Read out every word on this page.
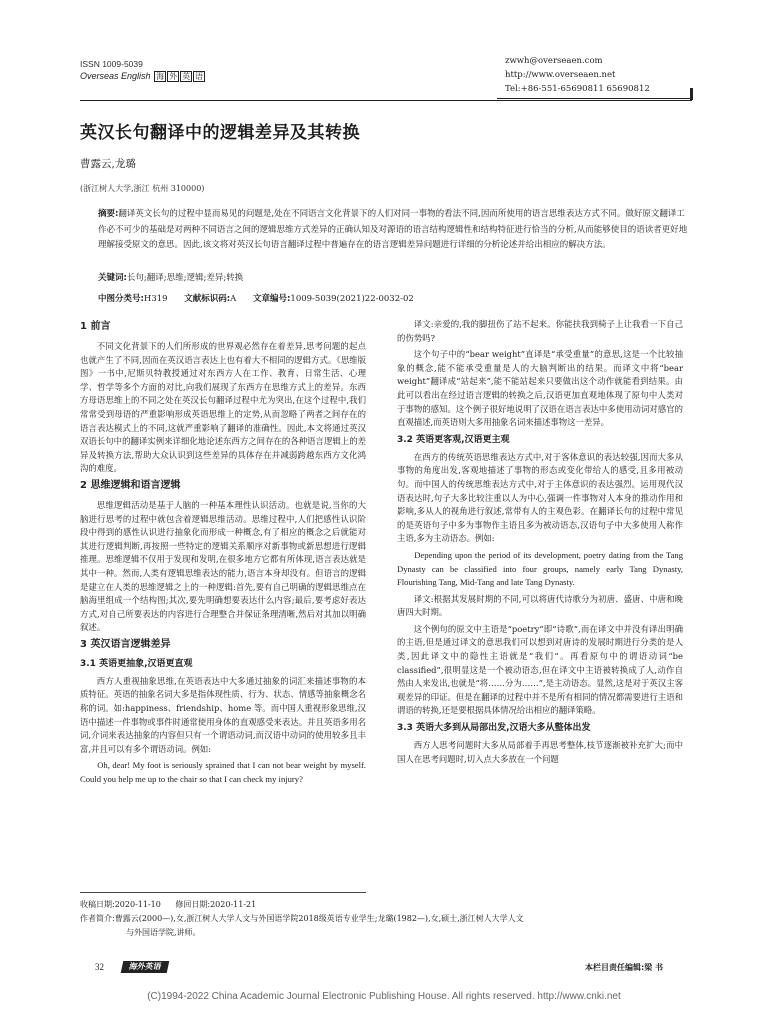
ISSN 1009-5039
Overseas English 海 外 英 语
zwwh@overseaen.com
http://www.overseaen.net
Tel:+86-551-65690811 65690812
英汉长句翻译中的逻辑差异及其转换
曹露云,龙璐
(浙江树人大学,浙江 杭州 310000)
摘要:翻译英文长句的过程中显而易见的问题是,处在不同语言文化背景下的人们对同一事物的看法不同,因而所使用的语言思维表达方式不同。做好原文翻译工作必不可少的基础是对两种不同语言之间的逻辑思维方式差异的正确认知及对源语的语言结构逻辑性和结构特征进行恰当的分析,从而能够使目的语读者更好地理解接受原文的意思。因此,该文将对英汉长句语言翻译过程中普遍存在的语言逻辑差异问题进行详细的分析论述并给出相应的解决方法。
关键词:长句;翻译;思维;逻辑;差异;转换
中图分类号:H319 文献标识码:A 文章编号:1009-5039(2021)22-0032-02
1 前言

不同文化背景下的人们所形成的世界观必然存在着差异,思考问题的起点也就产生了不同,因而在英汉语言表达上也有着大不相同的逻辑方式。《思维版图》一书中,尼斯贝特教授通过对东西方人在工作、教育、日常生活、心理学、哲学等多个方面的对比,向我们展现了东西方在思维方式上的差异。东西方母语思维上的不同之处在英汉长句翻译过程中尤为突出,在这个过程中,我们常常受到母语的严重影响形成英语思维上的定势,从而忽略了两者之间存在的语言表达模式上的不同,这就严重影响了翻译的准确性。因此,本文将通过英汉双语长句中的翻译实例来详细化地论述东西方之间存在的各种语言逻辑上的差异及转换方法,帮助大众认识到这些差异的具体存在并减弱跨越东西方文化鸿沟的难度。

2 思维逻辑和语言逻辑

思维逻辑活动是基于人脑的一种基本理性认识活动。也就是说,当你的大脑进行思考的过程中就包含着逻辑思维活动。思维过程中,人们把感性认识阶段中得到的感性认识进行抽象化而形成一种概念,有了相应的概念之后就能对其进行逻辑判断,再按照一些特定的逻辑关系顺序对新事物或新思想进行逻辑推理。思维逻辑不仅用于发现和发明,在很多地方它都有所体现,语言表达就是其中一种。然而,人类有逻辑思维表达的能力,语言本身却没有。但语言的逻辑是建立在人类的思维逻辑之上的一种逻辑:首先,要有自己明确的逻辑思维点在脑海里组成一个结构图;其次,要先明确想要表达什么内容;最后,要考虑好表达方式,对自己所要表达的内容进行合理整合并保证条理清晰,然后对其加以明确叙述。

3 英汉语言逻辑差异
3.1 英语更抽象,汉语更直观

西方人重视抽象思维,在英语表达中大多通过抽象的词汇来描述事物的本质特征。英语的抽象名词大多是指体现性质、行为、状态、情感等抽象概念名称的词。如:happiness、friendship、home 等。而中国人重视形象思维,汉语中描述一件事物或事件时通常使用身体的直观感受来表达。并且英语多用名词,介词来表达抽象的内容但只有一个谓语动词,而汉语中动词的使用较多且丰富,并且可以有多个谓语动词。例如:

Oh, dear! My foot is seriously sprained that I can not bear weight by myself. Could you help me up to the chair so that I can check my injury?

译文:亲爱的,我的脚扭伤了站不起来。你能扶我到椅子上让我看一下自己的伤势吗?

这个句子中的“bear weight”直译是“承受重量”的意思,这是一个比较抽象的概念,能不能承受重量是人的大脑判断出的结果。而译文中将“bear weight”翻译成“站起来”,能不能站起来只要做出这个动作就能看到结果。由此可以看出在经过语言逻辑的转换之后,汉语更加直观地体现了原句中人类对于事物的感知。这个例子很好地说明了汉语在语言表达中多使用动词对感官的直观描述,而英语则大多用抽象名词来描述事物这一差异。

3.2 英语更客观,汉语更主观

在西方的传统英语思维表达方式中,对于客体意识的表达较强,因而大多从事物的角度出发,客观地描述了事物的形态或变化带给人的感受,且多用被动句。而中国人的传统思维表达方式中,对于主体意识的表达强烈。运用现代汉语表达时,句子大多比较注重以人为中心,强调一件事物对人本身的推动作用和影响,多从人的视角进行叙述,常带有人的主观色彩。在翻译长句的过程中常见的是英语句子中多为事物作主语且多为被动语态,汉语句子中大多使用人称作主语,多为主动语态。例如:

Depending upon the period of its development, poetry dating from the Tang Dynasty can be classified into four groups, namely early Tang Dynasty, Flourishing Tang, Mid-Tang and late Tang Dynasty.

译文:根据其发展时期的不同,可以将唐代诗歌分为初唐、盛唐、中唐和晚唐四大时期。

这个例句的原文中主语是“poetry”即“诗歌”,而在译文中并没有译出明确的主语,但是通过译文的意思我们可以想到对唐诗的发展时期进行分类的是人类,因此译文中的隐性主语就是“我们”。再看原句中的谓语动词“be classified”,很明显这是一个被动语态,但在译文中主语被转换成了人,动作自然由人来发出,也就是“将……分为……”,是主动语态。显然,这是对于英汉主客观差异的印证。但是在翻译的过程中并不是所有相同的情况都需要进行主语和谓语的转换,还是要根据具体情况给出相应的翻译策略。

3.3 英语大多到从局部出发,汉语大多从整体出发

西方人思考问题时大多从局部着手再思考整体,枝节逐渐被补充扩大;而中国人在思考问题时,切入点大多放在一个问题

收稿日期:2020-11-10 修回日期:2020-11-21
作者简介:曹露云(2000—),女,浙江树人大学人文与外国语学院2018级英语专业学生;龙璐(1982—),女,硕士,浙江树人大学人文
与外国语学院,讲师。
32	海外英语	本栏目责任编辑:梁 书
(C)1994-2022 China Academic Journal Electronic Publishing House. All rights reserved. http://www.cnki.net
